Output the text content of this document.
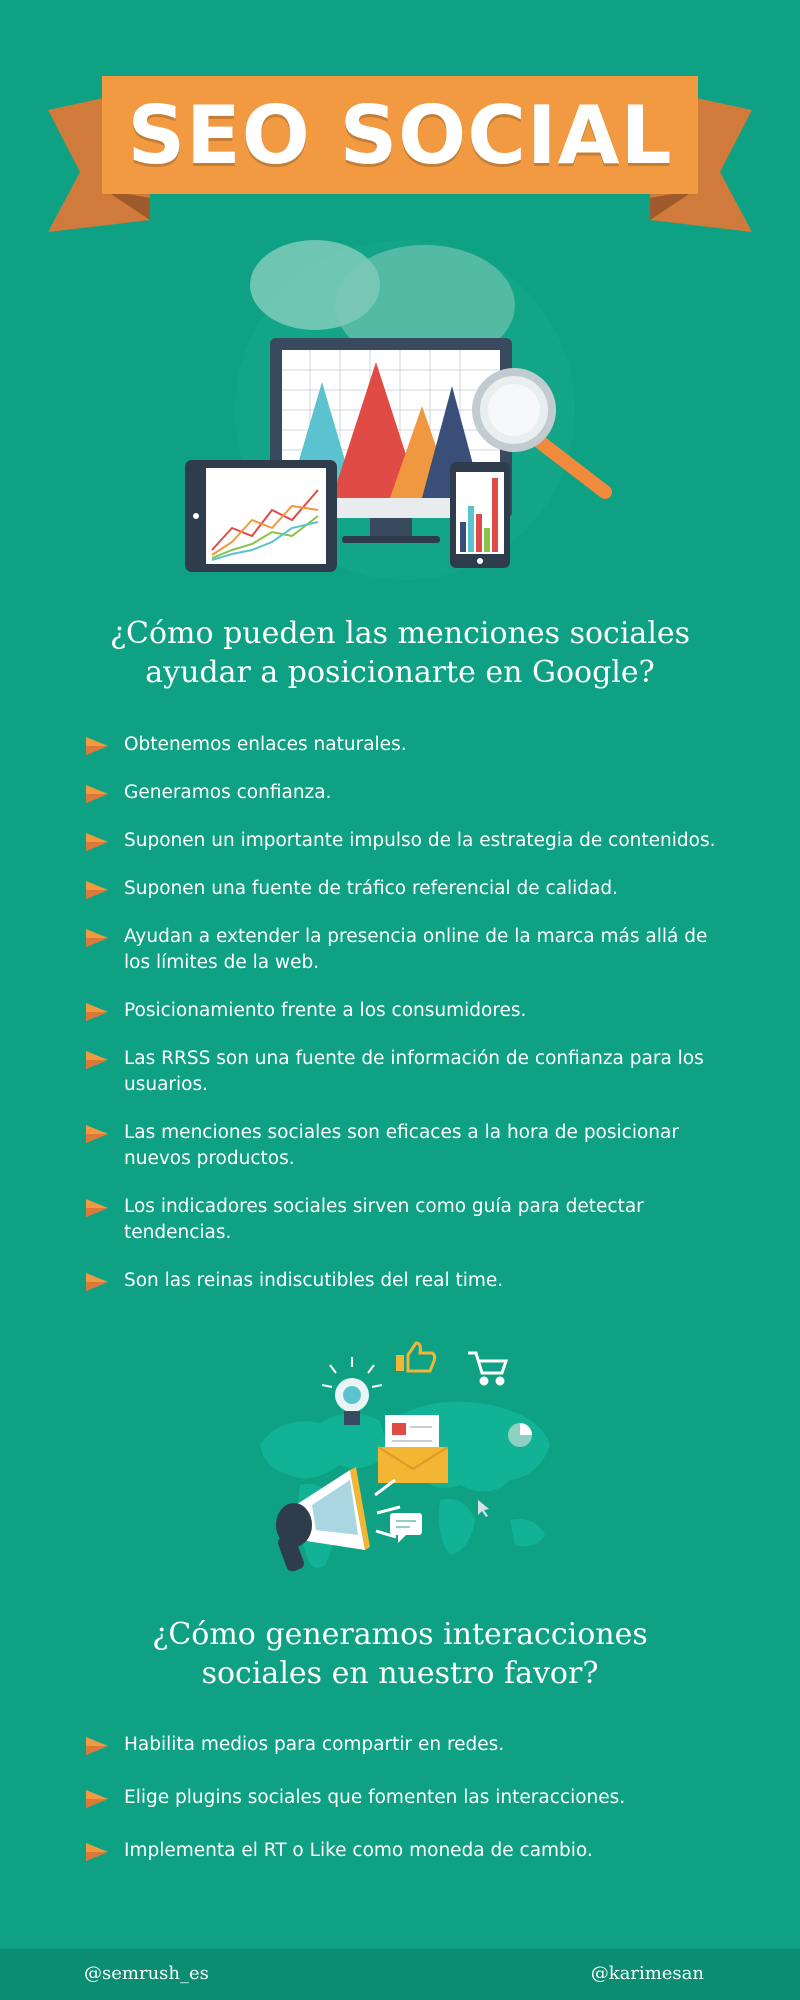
SEO SOCIAL
¿Cómo pueden las menciones sociales
ayudar a posicionarte en Google?
Obtenemos enlaces naturales.
Generamos confianza.
Suponen un importante impulso de la estrategia de contenidos.
Suponen una fuente de tráfico referencial de calidad.
Ayudan a extender la presencia online de la marca más allá de los límites de la web.
Posicionamiento frente a los consumidores.
Las RRSS son una fuente de información de confianza para los usuarios.
Las menciones sociales son eficaces a la hora de posicionar nuevos productos.
Los indicadores sociales sirven como guía para detectar tendencias.
Son las reinas indiscutibles del real time.
¿Cómo generamos interacciones
sociales en nuestro favor?
Habilita medios para compartir en redes.
Elige plugins sociales que fomenten las interacciones.
Implementa el RT o Like como moneda de cambio.
@semrush_es	@karimesan
